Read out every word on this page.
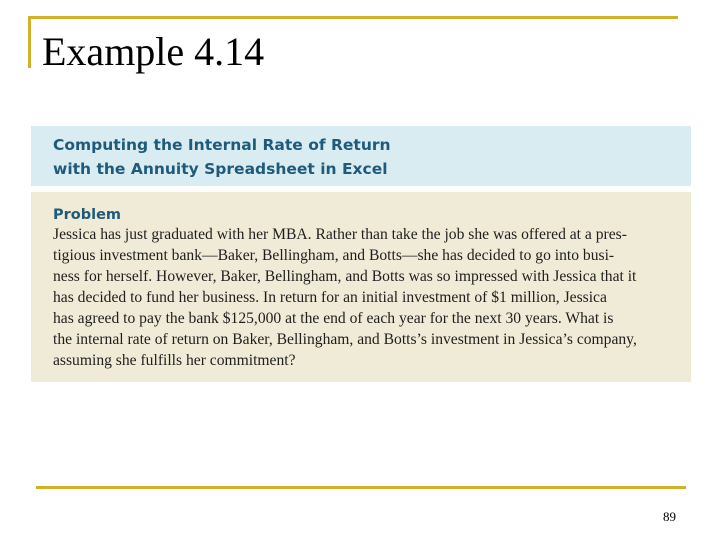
Example 4.14
Computing the Internal Rate of Return
with the Annuity Spreadsheet in Excel
Problem
Jessica has just graduated with her MBA. Rather than take the job she was offered at a pres-
tigious investment bank—Baker, Bellingham, and Botts—she has decided to go into busi-
ness for herself. However, Baker, Bellingham, and Botts was so impressed with Jessica that it
has decided to fund her business. In return for an initial investment of $1 million, Jessica
has agreed to pay the bank $125,000 at the end of each year for the next 30 years. What is
the internal rate of return on Baker, Bellingham, and Botts’s investment in Jessica’s company,
assuming she fulfills her commitment?
89
